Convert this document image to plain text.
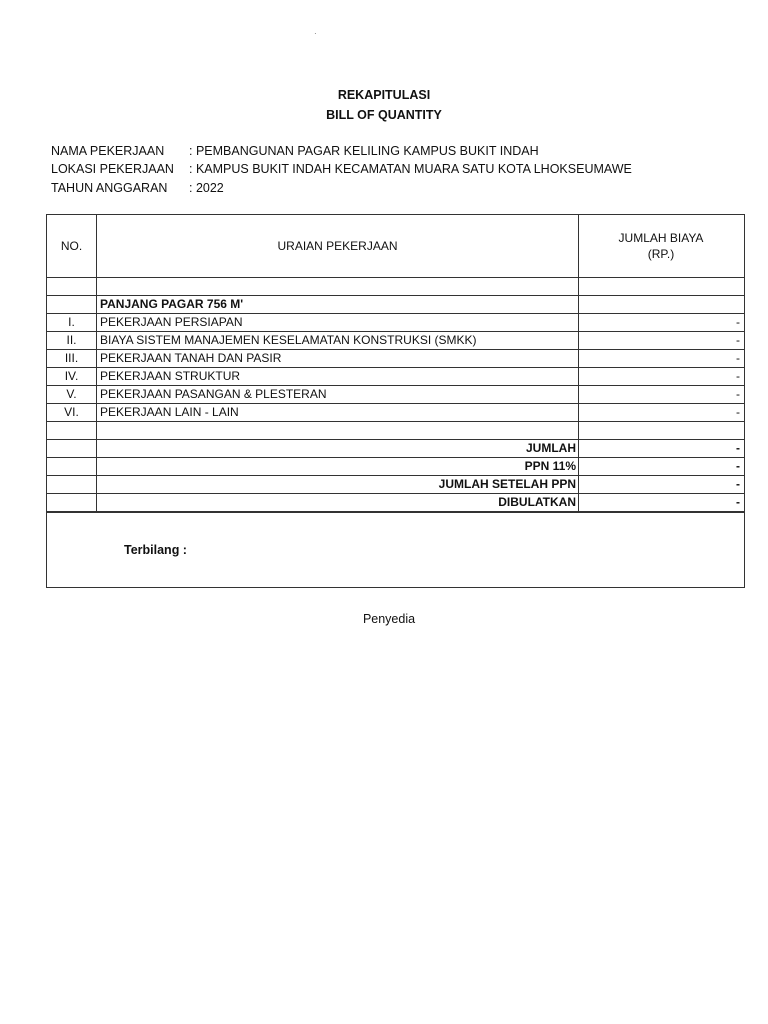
·
REKAPITULASI
BILL OF QUANTITY
NAMA PEKERJAAN : PEMBANGUNAN PAGAR KELILING KAMPUS BUKIT INDAH
LOKASI PEKERJAAN : KAMPUS BUKIT INDAH KECAMATAN MUARA SATU KOTA LHOKSEUMAWE
TAHUN ANGGARAN : 2022
NO.	URAIAN PEKERJAAN	JUMLAH BIAYA
(RP.)

	PANJANG PAGAR 756 M'	
I.	PEKERJAAN PERSIAPAN	-
II.	BIAYA SISTEM MANAJEMEN KESELAMATAN KONSTRUKSI (SMKK)	-
III.	PEKERJAAN TANAH DAN PASIR	-
IV.	PEKERJAAN STRUKTUR	-
V.	PEKERJAAN PASANGAN & PLESTERAN	-
VI.	PEKERJAAN LAIN - LAIN	-

	JUMLAH	-
	PPN 11%	-
	JUMLAH SETELAH PPN	-
	DIBULATKAN	-
Terbilang :		
Penyedia
